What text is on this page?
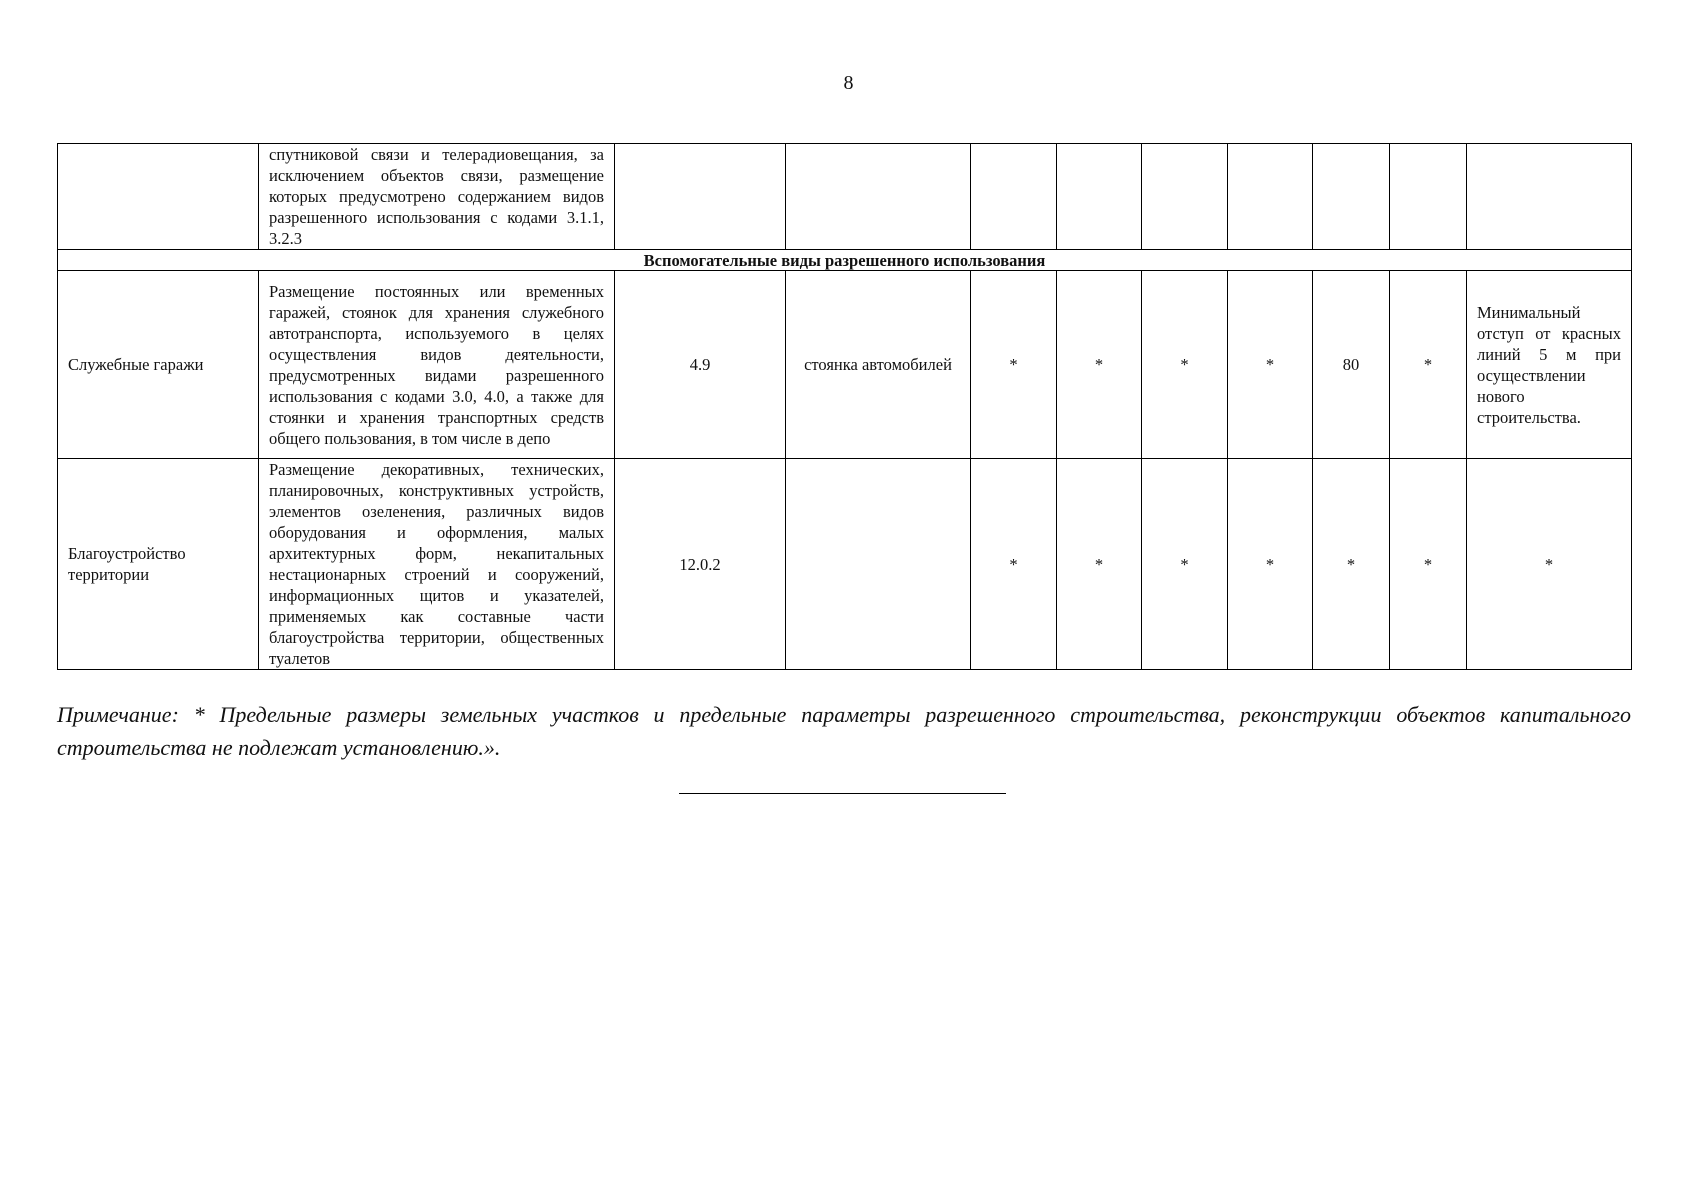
8
	спутниковой связи и телерадиовещания, за исключением объектов связи, размещение которых предусмотрено содержанием видов разрешенного использования с кодами 3.1.1, 3.2.3									
Вспомогательные виды разрешенного использования										
Служебные гаражи	Размещение постоянных или временных гаражей, стоянок для хранения служебного автотранспорта, используемого в целях осуществления видов деятельности, предусмотренных видами разрешенного использования с кодами 3.0, 4.0, а также для стоянки и хранения транспортных средств общего пользования, в том числе в депо	4.9	стоянка автомобилей	*	*	*	*	80	*	Минимальный отступ от красных линий 5 м при осуществлении нового строительства.
Благоустройство территории	Размещение декоративных, технических, планировочных, конструктивных устройств, элементов озеленения, различных видов оборудования и оформления, малых архитектурных форм, некапитальных нестационарных строений и сооружений, информационных щитов и указателей, применяемых как составные части благоустройства территории, общественных туалетов	12.0.2		*	*	*	*	*	*	*
Примечание: * Предельные размеры земельных участков и предельные параметры разрешенного строительства, реконструкции объектов капитального строительства не подлежат установлению.».
